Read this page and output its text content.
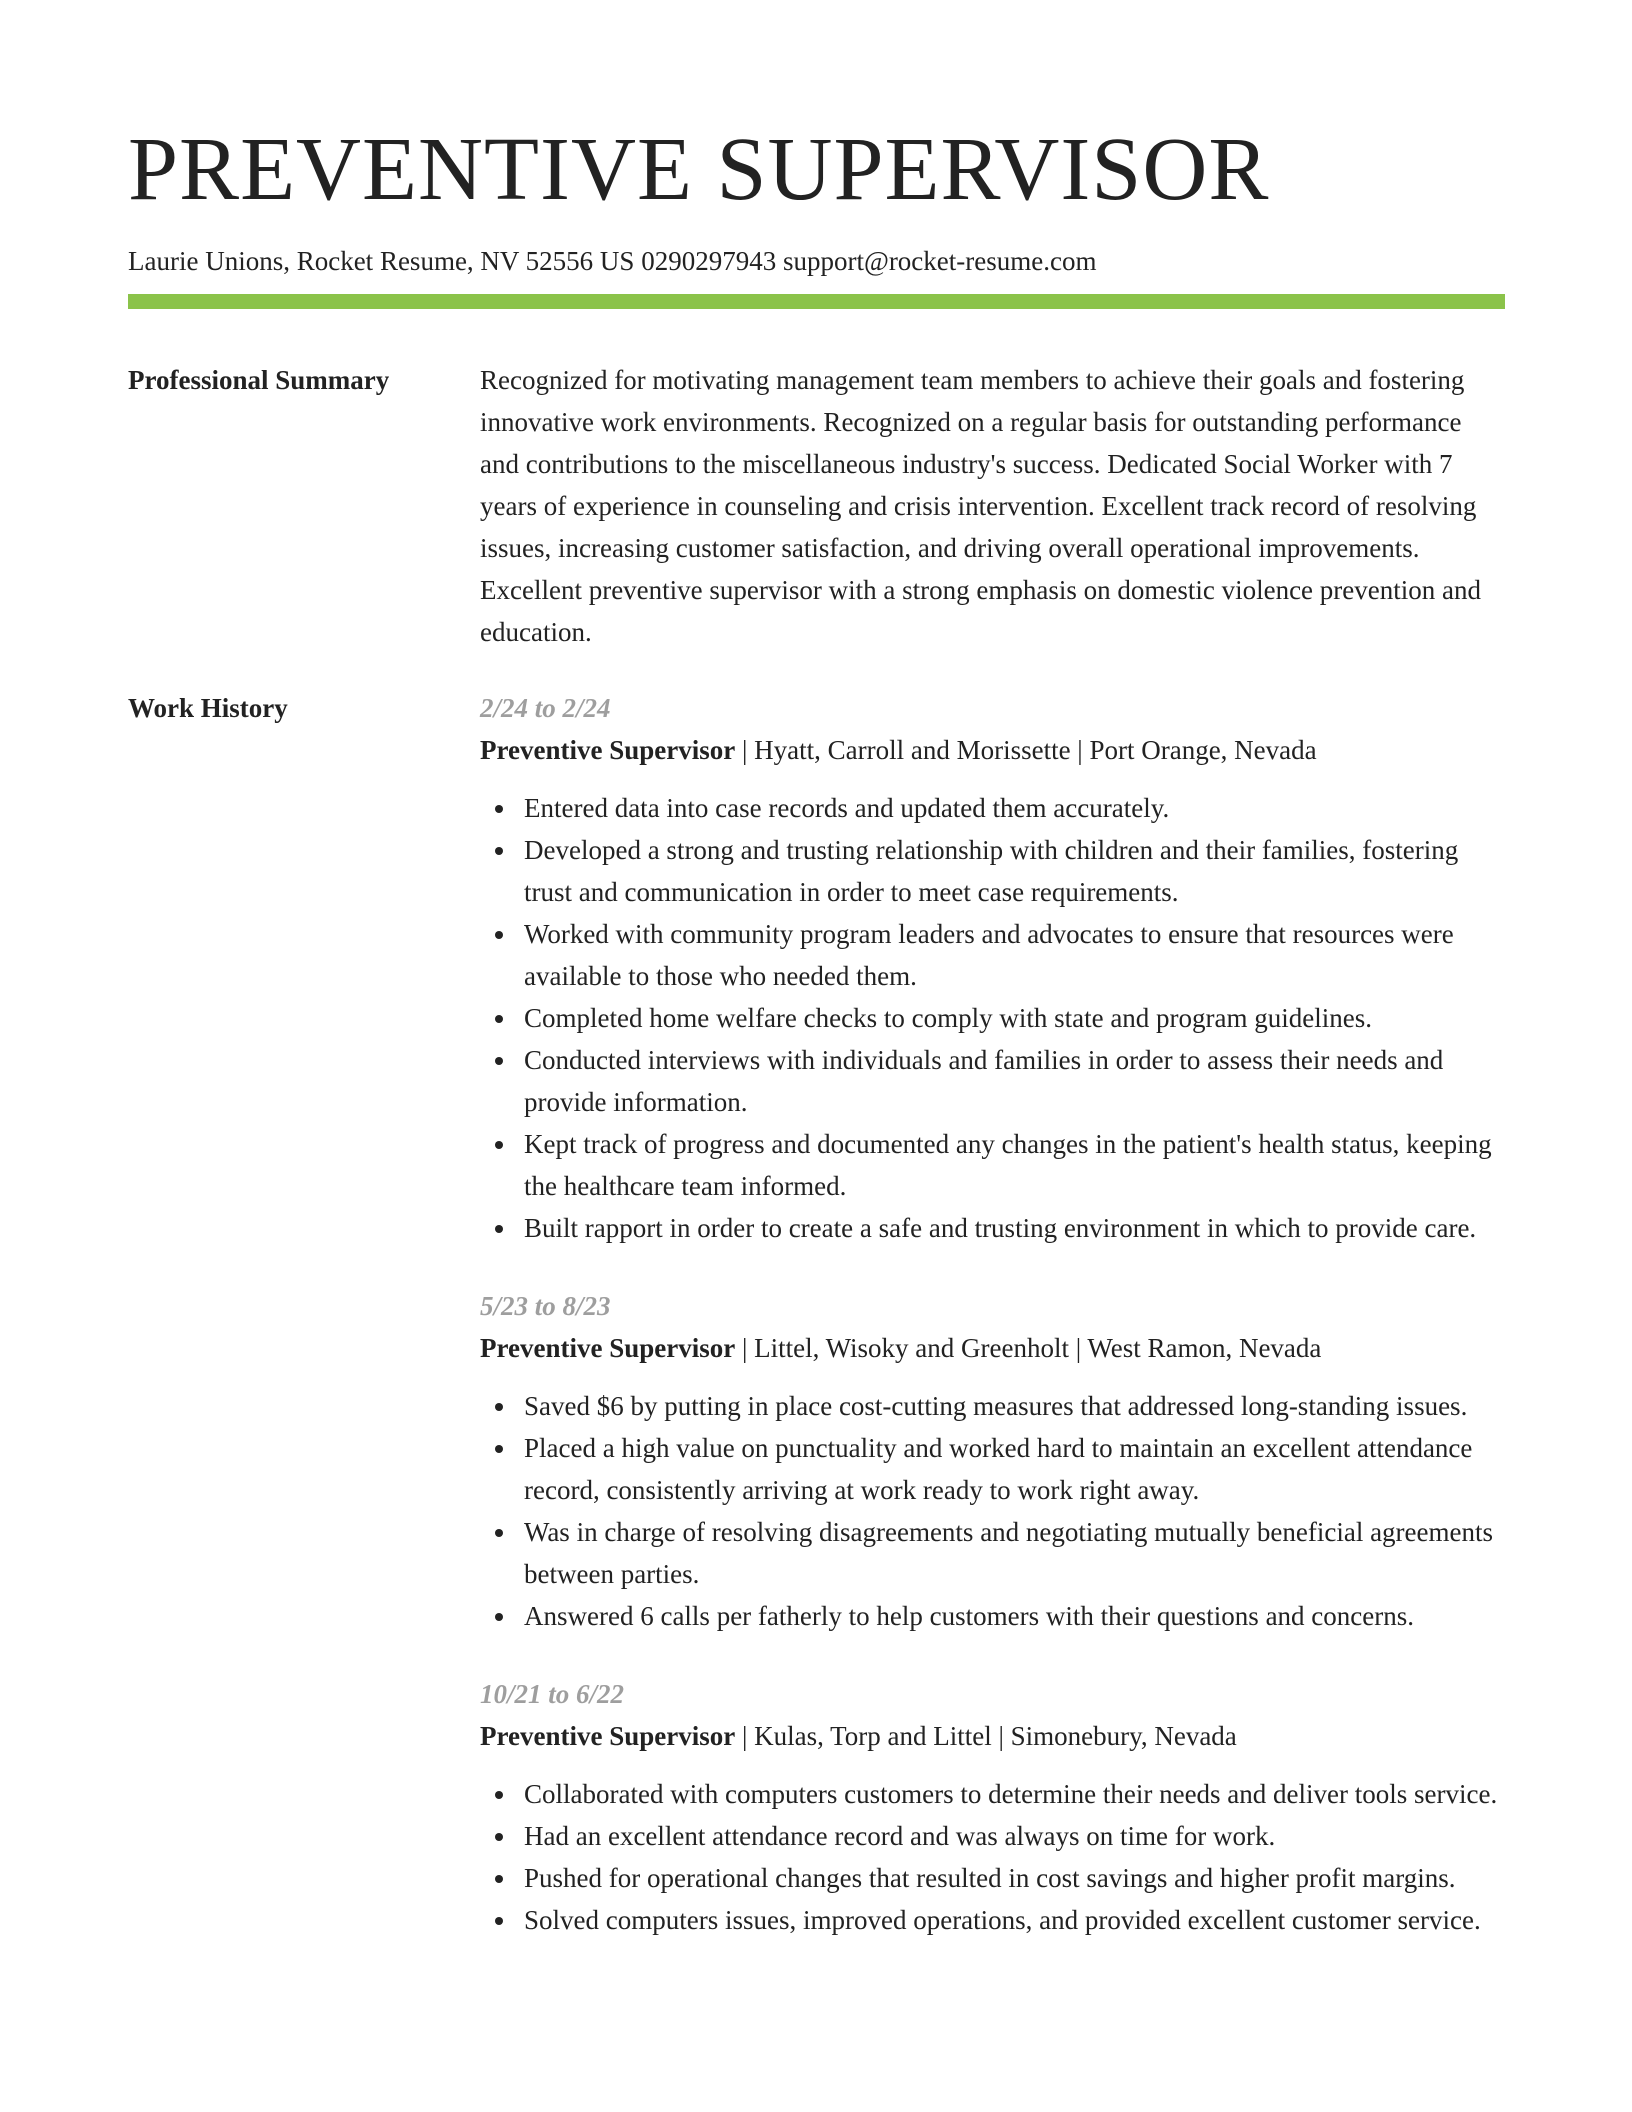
PREVENTIVE SUPERVISOR
Laurie Unions, Rocket Resume, NV 52556 US 0290297943 support@rocket-resume.com
Professional Summary	Recognized for motivating management team members to achieve their goals and fostering innovative work environments. Recognized on a regular basis for outstanding performance and contributions to the miscellaneous industry's success. Dedicated Social Worker with 7 years of experience in counseling and crisis intervention. Excellent track record of resolving issues, increasing customer satisfaction, and driving overall operational improvements. Excellent preventive supervisor with a strong emphasis on domestic violence prevention and education.

Work History	2/24 to 2/24
Preventive Supervisor | Hyatt, Carroll and Morissette | Port Orange, Nevada
Entered data into case records and updated them accurately.
Developed a strong and trusting relationship with children and their families, fostering trust and communication in order to meet case requirements.
Worked with community program leaders and advocates to ensure that resources were available to those who needed them.
Completed home welfare checks to comply with state and program guidelines.
Conducted interviews with individuals and families in order to assess their needs and provide information.
Kept track of progress and documented any changes in the patient's health status, keeping the healthcare team informed.
Built rapport in order to create a safe and trusting environment in which to provide care.
5/23 to 8/23
Preventive Supervisor | Littel, Wisoky and Greenholt | West Ramon, Nevada
Saved $6 by putting in place cost-cutting measures that addressed long-standing issues.
Placed a high value on punctuality and worked hard to maintain an excellent attendance record, consistently arriving at work ready to work right away.
Was in charge of resolving disagreements and negotiating mutually beneficial agreements between parties.
Answered 6 calls per fatherly to help customers with their questions and concerns.
10/21 to 6/22
Preventive Supervisor | Kulas, Torp and Littel | Simonebury, Nevada
Collaborated with computers customers to determine their needs and deliver tools service.
Had an excellent attendance record and was always on time for work.
Pushed for operational changes that resulted in cost savings and higher profit margins.
Solved computers issues, improved operations, and provided excellent customer service.
